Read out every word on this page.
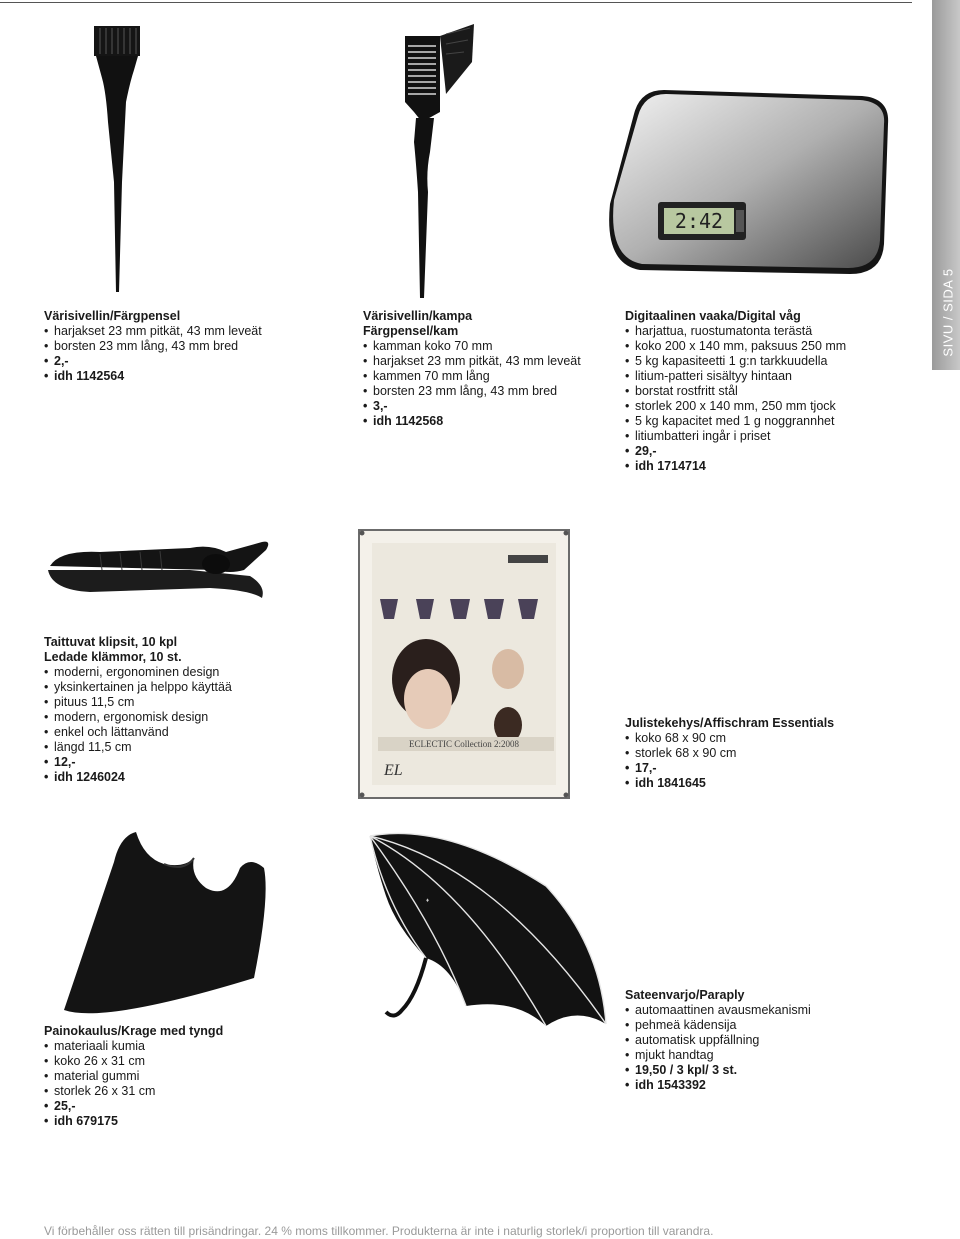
SIVU / SIDA 5
2:42
Värisivellin/Färgpensel
• harjakset 23 mm pitkät, 43 mm leveät
• borsten 23 mm lång, 43 mm bred
• 2,-
• idh 1142564
Värisivellin/kampa
Färgpensel/kam
• kamman koko 70 mm
• harjakset 23 mm pitkät, 43 mm leveät
• kammen 70 mm lång
• borsten 23 mm lång, 43 mm bred
• 3,-
• idh 1142568
Digitaalinen vaaka/Digital våg
• harjattua, ruostumatonta terästä
• koko 200 x 140 mm, paksuus 250 mm
• 5 kg kapasiteetti 1 g:n tarkkuudella
• litium-patteri sisältyy hintaan
• borstat rostfritt stål
• storlek 200 x 140 mm, 250 mm tjock
• 5 kg kapacitet med 1 g noggrannhet
• litiumbatteri ingår i priset
• 29,-
• idh 1714714
ECLECTIC Collection 2:2008
EL
Taittuvat klipsit, 10 kpl
Ledade klämmor, 10 st.
• moderni, ergonominen design
• yksinkertainen ja helppo käyttää
• pituus 11,5 cm
• modern, ergonomisk design
• enkel och lättanvänd
• längd 11,5 cm
• 12,-
• idh 1246024
Julistekehys/Affischram Essentials
• koko 68 x 90 cm
• storlek 68 x 90 cm
• 17,-
• idh 1841645
♦
Painokaulus/Krage med tyngd
• materiaali kumia
• koko 26 x 31 cm
• material gummi
• storlek 26 x 31 cm
• 25,-
• idh 679175
Sateenvarjo/Paraply
• automaattinen avausmekanismi
• pehmeä kädensija
• automatisk uppfällning
• mjukt handtag
• 19,50 / 3 kpl/ 3 st.
• idh 1543392
Vi förbehåller oss rätten till prisändringar. 24 % moms tillkommer. Produkterna är inte i naturlig storlek/i proportion till varandra.
